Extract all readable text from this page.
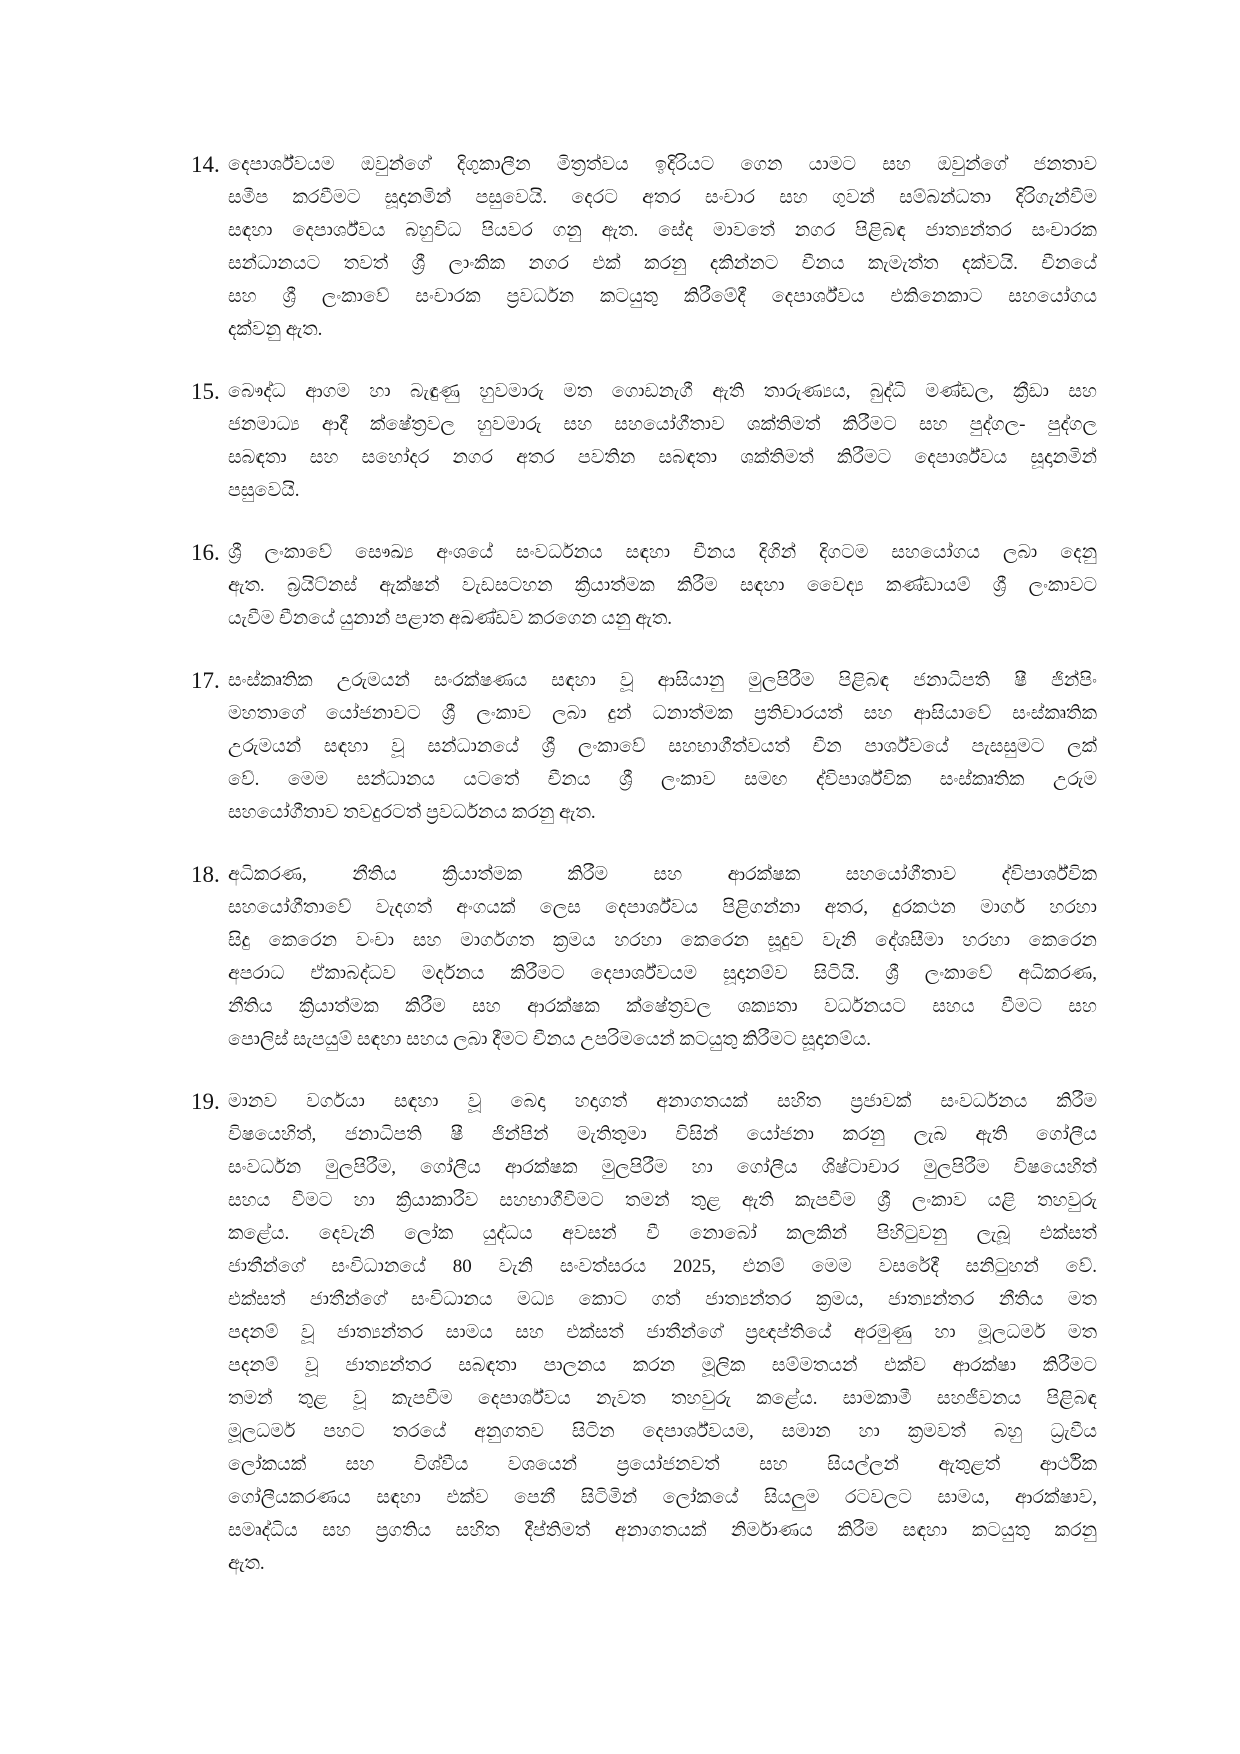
14. දෙපාර්ශ්වයම ඔවුන්ගේ දිගුකාලීන මිත්‍රත්වය ඉදිරියට ගෙන යාමට සහ ඔවුන්ගේ ජනතාව
සමීප කරවීමට සූදානමින් පසුවෙයි. දෙරට අතර සංචාර සහ ගුවන් සම්බන්ධතා දිරිගැන්වීම
සඳහා දෙපාර්ශ්වය බහුවිධ පියවර ගනු ඇත. සේද මාවතේ නගර පිළිබඳ ජාත්‍යන්තර සංචාරක
සන්ධානයට තවත් ශ්‍රී ලාංකික නගර එක් කරනු දකින්නට චීනය කැමැත්ත දක්වයි. චීනයේ
සහ ශ්‍රී ලංකාවේ සංචාරක ප්‍රවර්ධන කටයුතු කිරීමේදී දෙපාර්ශ්වය එකිනෙකාට සහයෝගය
දක්වනු ඇත.
15. බෞද්ධ ආගම හා බැඳුණු හුවමාරු මත ගොඩනැගී ඇති තාරුණ්‍යය, බුද්ධි මණ්ඩල, ක්‍රීඩා සහ
ජනමාධ්‍ය ආදී ක්ෂේත්‍රවල හුවමාරු සහ සහයෝගීතාව ශක්තිමත් කිරීමට සහ පුද්ගල- පුද්ගල
සබඳතා සහ සහෝදර නගර අතර පවතින සබඳතා ශක්තිමත් කිරීමට දෙපාර්ශ්වය සූදානමින්
පසුවෙයි.
16. ශ්‍රී ලංකාවේ සෞඛ්‍ය අංශයේ සංවර්ධනය සඳහා චීනය දිගින් දිගටම සහයෝගය ලබා දෙනු
ඇත. බ්‍රයිට්නස් ඇක්ෂන් වැඩසටහන ක්‍රියාත්මක කිරීම සඳහා වෛද්‍ය කණ්ඩායම් ශ්‍රී ලංකාවට
යැවීම චීනයේ යුනාන් පළාත අඛණ්ඩව කරගෙන යනු ඇත.
17. සංස්කෘතික උරුමයන් සංරක්ෂණය සඳහා වූ ආසියානු මුලපිරීම පිළිබඳ ජනාධිපති ෂී ජින්පිං
මහතාගේ යෝජනාවට ශ්‍රී ලංකාව ලබා දුන් ධනාත්මක ප්‍රතිචාරයත් සහ ආසියාවේ සංස්කෘතික
උරුමයන් සඳහා වූ සන්ධානයේ ශ්‍රී ලංකාවේ සහභාගීත්වයත් චීන පාර්ශ්වයේ පැසසුමට ලක්
වේ. මෙම සන්ධානය යටතේ චීනය ශ්‍රී ලංකාව සමඟ ද්විපාර්ශ්වික සංස්කෘතික උරුම
සහයෝගීතාව තවදුරටත් ප්‍රවර්ධනය කරනු ඇත.
18. අධිකරණ, නීතිය ක්‍රියාත්මක කිරීම සහ ආරක්ෂක සහයෝගීතාව ද්විපාර්ශ්වික
සහයෝගීතාවේ වැදගත් අංගයක් ලෙස දෙපාර්ශ්වය පිළිගන්නා අතර, දුරකථන මාර්ග හරහා
සිදු කෙරෙන වංචා සහ මාර්ගගත ක්‍රමය හරහා කෙරෙන සූදුව වැනි දේශසීමා හරහා කෙරෙන
අපරාධ ඒකාබද්ධව මර්දනය කිරීමට දෙපාර්ශ්වයම සූදානම්ව සිටියි. ශ්‍රී ලංකාවේ අධිකරණ,
නීතිය ක්‍රියාත්මක කිරීම සහ ආරක්ෂක ක්ෂේත්‍රවල ශක්‍යතා වර්ධනයට සහය වීමට සහ
පොලිස් සැපයුම් සඳහා සහය ලබා දීමට චීනය උපරිමයෙන් කටයුතු කිරීමට සූදානම්ය.
19. මානව වර්ගයා සඳහා වූ බෙදා හදාගත් අනාගතයක් සහිත ප්‍රජාවක් සංවර්ධනය කිරීම
විෂයෙහිත්, ජනාධිපති ෂී ජින්පින් මැතිතුමා විසින් යෝජනා කරනු ලැබ ඇති ගෝලීය
සංවර්ධන මුලපිරීම, ගෝලීය ආරක්ෂක මුලපිරීම හා ගෝලීය ශිෂ්ටාචාර මුලපිරීම විෂයෙහිත්
සහය වීමට හා ක්‍රියාකාරීව සහභාගීවීමට තමන් තුළ ඇති කැපවීම ශ්‍රී ලංකාව යළි තහවුරු
කළේය. දෙවැනි ලෝක යුද්ධය අවසන් වී නොබෝ කලකින් පිහිටුවනු ලැබූ එක්සත්
ජාතීන්ගේ සංවිධානයේ 80 වැනි සංවත්සරය 2025, එනම් මෙම වසරේදී සනිටුහන් වේ.
එක්සත් ජාතීන්ගේ සංවිධානය මධ්‍ය කොට ගත් ජාත්‍යන්තර ක්‍රමය, ජාත්‍යන්තර නීතිය මත
පදනම් වූ ජාත්‍යන්තර සාමය සහ එක්සත් ජාතීන්ගේ ප්‍රඥප්තියේ අරමුණු හා මූලධර්ම මත
පදනම් වූ ජාත්‍යන්තර සබඳතා පාලනය කරන මූලික සම්මතයන් එක්ව ආරක්ෂා කිරීමට
තමන් තුළ වූ කැපවීම දෙපාර්ශ්වය නැවත තහවුරු කළේය. සාමකාමී සහජීවනය පිළිබඳ
මූලධර්ම පහට තරයේ අනුගතව සිටින දෙපාර්ශ්වයම, සමාන හා ක්‍රමවත් බහු ධ්‍රැවීය
ලෝකයක් සහ විශ්වීය වශයෙන් ප්‍රයෝජනවත් සහ සියල්ලන් ඇතුළත් ආර්ථික
ගෝලීයකරණය සඳහා එක්ව පෙනී සිටිමින් ලෝකයේ සියලුම රටවලට සාමය, ආරක්ෂාව,
සමෘද්ධිය සහ ප්‍රගතිය සහිත දීප්තිමත් අනාගතයක් නිර්මාණය කිරීම සඳහා කටයුතු කරනු
ඇත.
